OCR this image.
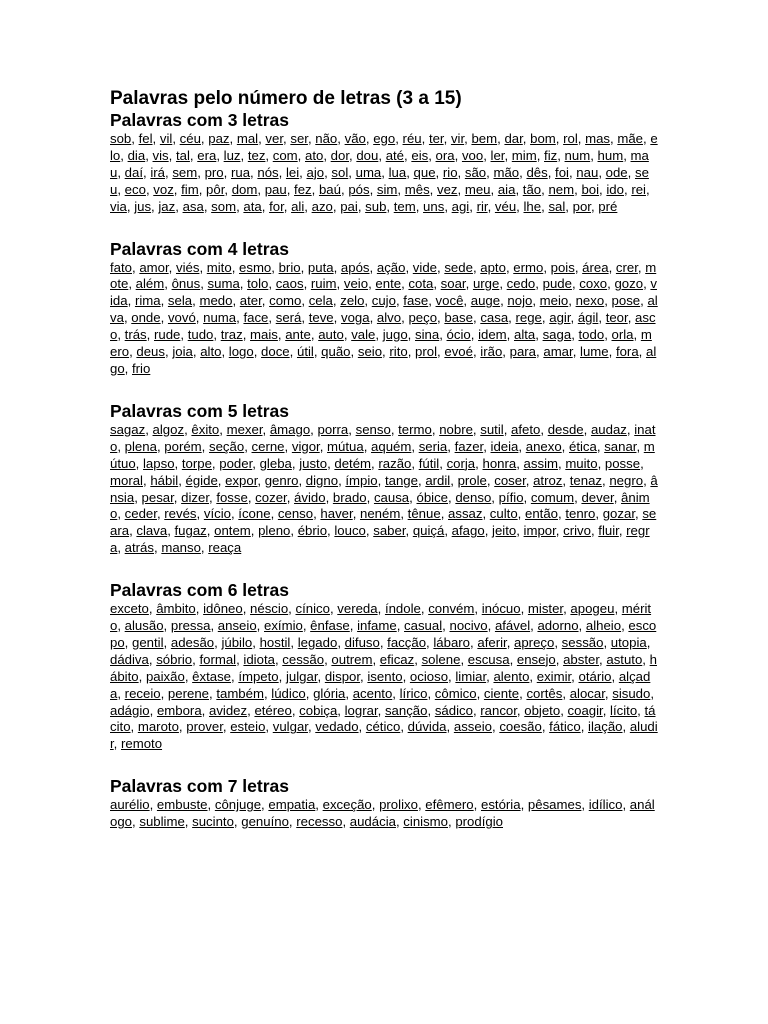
Palavras pelo número de letras (3 a 15)
Palavras com 3 letras

sob, fel, vil, céu, paz, mal, ver, ser, não, vão, ego, réu, ter, vir, bem, dar, bom, rol, mas, mãe, elo, dia, vis, tal, era, luz, tez, com, ato, dor, dou, até, eis, ora, voo, ler, mim, fiz, num, hum, mau, daí, irá, sem, pro, rua, nós, lei, ajo, sol, uma, lua, que, rio, são, mão, dês, foi, nau, ode, seu, eco, voz, fim, pôr, dom, pau, fez, baú, pós, sim, mês, vez, meu, aia, tão, nem, boi, ido, rei, via, jus, jaz, asa, som, ata, for, ali, azo, pai, sub, tem, uns, agi, rir, véu, lhe, sal, por, pré

Palavras com 4 letras

fato, amor, viés, mito, esmo, brio, puta, após, ação, vide, sede, apto, ermo, pois, área, crer, mote, além, ônus, suma, tolo, caos, ruim, veio, ente, cota, soar, urge, cedo, pude, coxo, gozo, vida, rima, sela, medo, ater, como, cela, zelo, cujo, fase, você, auge, nojo, meio, nexo, pose, alva, onde, vovó, numa, face, será, teve, voga, alvo, peço, base, casa, rege, agir, ágil, teor, asco, trás, rude, tudo, traz, mais, ante, auto, vale, jugo, sina, ócio, idem, alta, saga, todo, orla, mero, deus, joia, alto, logo, doce, útil, quão, seio, rito, prol, evoé, irão, para, amar, lume, fora, algo, frio

Palavras com 5 letras

sagaz, algoz, êxito, mexer, âmago, porra, senso, termo, nobre, sutil, afeto, desde, audaz, inato, plena, porém, seção, cerne, vigor, mútua, aquém, seria, fazer, ideia, anexo, ética, sanar, mútuo, lapso, torpe, poder, gleba, justo, detém, razão, fútil, corja, honra, assim, muito, posse, moral, hábil, égide, expor, genro, digno, ímpio, tange, ardil, prole, coser, atroz, tenaz, negro, ânsia, pesar, dizer, fosse, cozer, ávido, brado, causa, óbice, denso, pífio, comum, dever, ânimo, ceder, revés, vício, ícone, censo, haver, neném, tênue, assaz, culto, então, tenro, gozar, seara, clava, fugaz, ontem, pleno, ébrio, louco, saber, quiçá, afago, jeito, impor, crivo, fluir, regra, atrás, manso, reaça

Palavras com 6 letras

exceto, âmbito, idôneo, néscio, cínico, vereda, índole, convém, inócuo, mister, apogeu, mérito, alusão, pressa, anseio, exímio, ênfase, infame, casual, nocivo, afável, adorno, alheio, escopo, gentil, adesão, júbilo, hostil, legado, difuso, facção, lábaro, aferir, apreço, sessão, utopia, dádiva, sóbrio, formal, idiota, cessão, outrem, eficaz, solene, escusa, ensejo, abster, astuto, hábito, paixão, êxtase, ímpeto, julgar, dispor, isento, ocioso, limiar, alento, eximir, otário, alçada, receio, perene, também, lúdico, glória, acento, lírico, cômico, ciente, cortês, alocar, sisudo, adágio, embora, avidez, etéreo, cobiça, lograr, sanção, sádico, rancor, objeto, coagir, lícito, tácito, maroto, prover, esteio, vulgar, vedado, cético, dúvida, asseio, coesão, fático, ilação, aludir, remoto

Palavras com 7 letras

aurélio, embuste, cônjuge, empatia, exceção, prolixo, efêmero, estória, pêsames, idílico, análogo, sublime, sucinto, genuíno, recesso, audácia, cinismo, prodígio
